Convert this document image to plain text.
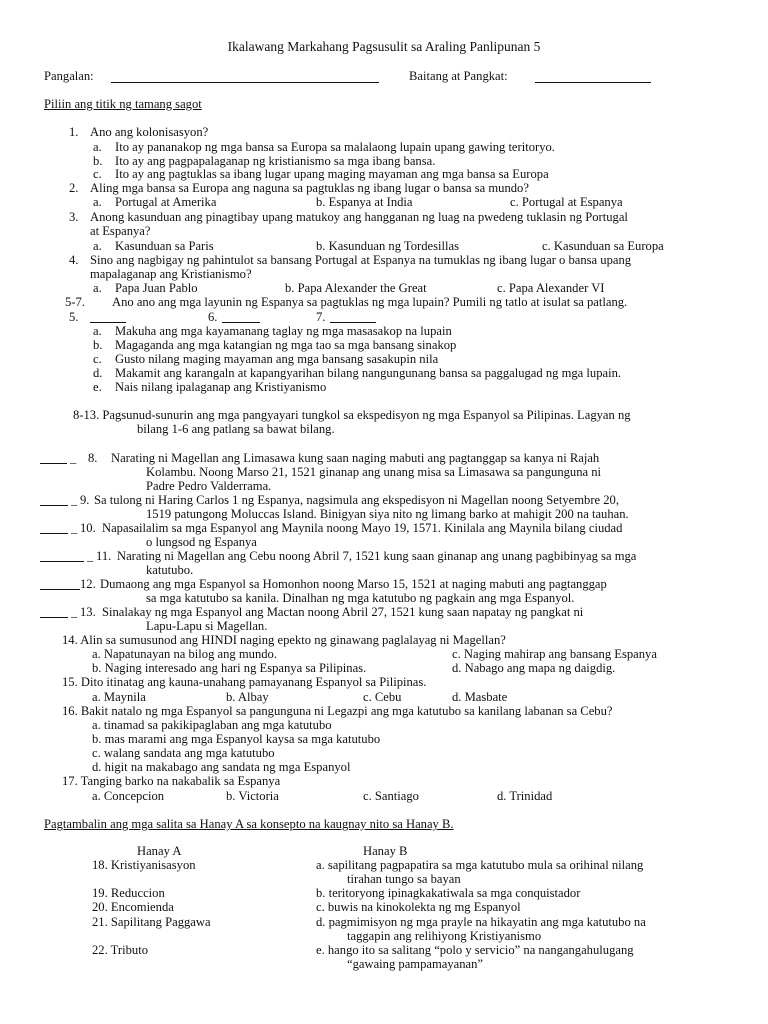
Ikalawang Markahang Pagsusulit sa Araling Panlipunan 5
Pangalan:	Baitang at Pangkat:
Piliin ang titik ng tamang sagot
1. Ano ang kolonisasyon?
a. Ito ay pananakop ng mga bansa sa Europa sa malalaong lupain upang gawing teritoryo.
b. Ito ay ang pagpapalaganap ng kristianismo sa mga ibang bansa.
c. Ito ay ang pagtuklas sa ibang lugar upang maging mayaman ang mga bansa sa Europa
2. Aling mga bansa sa Europa ang naguna sa pagtuklas ng ibang lugar o bansa sa mundo?
a. Portugal at Amerika	b. Espanya at India	c. Portugal at Espanya
3. Anong kasunduan ang pinagtibay upang matukoy ang hangganan ng luag na pwedeng tuklasin ng Portugal
at Espanya?
a. Kasunduan sa Paris	b. Kasunduan ng Tordesillas	c. Kasunduan sa Europa
4. Sino ang nagbigay ng pahintulot sa bansang Portugal at Espanya na tumuklas ng ibang lugar o bansa upang
mapalaganap ang Kristianismo?
a. Papa Juan Pablo	b. Papa Alexander the Great	c. Papa Alexander VI
5-7. Ano ano ang mga layunin ng Espanya sa pagtuklas ng mga lupain? Pumili ng tatlo at isulat sa patlang.
5.	6.	7.
a. Makuha ang mga kayamanang taglay ng mga masasakop na lupain
b. Magaganda ang mga katangian ng mga tao sa mga bansang sinakop
c. Gusto nilang maging mayaman ang mga bansang sasakupin nila
d. Makamit ang karangaln at kapangyarihan bilang nangungunang bansa sa paggalugad ng mga lupain.
e. Nais nilang ipalaganap ang Kristiyanismo
8-13. Pagsunud-sunurin ang mga pangyayari tungkol sa ekspedisyon ng mga Espanyol sa Pilipinas. Lagyan ng
bilang 1-6 ang patlang sa bawat bilang.
_ 8. Narating ni Magellan ang Limasawa kung saan naging mabuti ang pagtanggap sa kanya ni Rajah
Kolambu. Noong Marso 21, 1521 ginanap ang unang misa sa Limasawa sa pangunguna ni
Padre Pedro Valderrama.
_ 9. Sa tulong ni Haring Carlos 1 ng Espanya, nagsimula ang ekspedisyon ni Magellan noong Setyembre 20,
1519 patungong Moluccas Island. Binigyan siya nito ng limang barko at mahigit 200 na tauhan.
_ 10. Napasailalim sa mga Espanyol ang Maynila noong Mayo 19, 1571. Kinilala ang Maynila bilang ciudad
o lungsod ng Espanya
_ 11. Narating ni Magellan ang Cebu noong Abril 7, 1521 kung saan ginanap ang unang pagbibinyag sa mga
katutubo.
12. Dumaong ang mga Espanyol sa Homonhon noong Marso 15, 1521 at naging mabuti ang pagtanggap
sa mga katutubo sa kanila. Dinalhan ng mga katutubo ng pagkain ang mga Espanyol.
_ 13. Sinalakay ng mga Espanyol ang Mactan noong Abril 27, 1521 kung saan napatay ng pangkat ni
Lapu-Lapu si Magellan.
14. Alin sa sumusunod ang HINDI naging epekto ng ginawang paglalayag ni Magellan?
a. Napatunayan na bilog ang mundo.	c. Naging mahirap ang bansang Espanya
b. Naging interesado ang hari ng Espanya sa Pilipinas.	d. Nabago ang mapa ng daigdig.
15. Dito itinatag ang kauna-unahang pamayanang Espanyol sa Pilipinas.
a. Maynila	b. Albay	c. Cebu	d. Masbate
16. Bakit natalo ng mga Espanyol sa pangunguna ni Legazpi ang mga katutubo sa kanilang labanan sa Cebu?
a. tinamad sa pakikipaglaban ang mga katutubo
b. mas marami ang mga Espanyol kaysa sa mga katutubo
c. walang sandata ang mga katutubo
d. higit na makabago ang sandata ng mga Espanyol
17. Tanging barko na nakabalik sa Espanya
a. Concepcion	b. Victoria	c. Santiago	d. Trinidad
Pagtambalin ang mga salita sa Hanay A sa konsepto na kaugnay nito sa Hanay B.
Hanay A	Hanay B
18. Kristiyanisasyon	a. sapilitang pagpapatira sa mga katutubo mula sa orihinal nilang
tirahan tungo sa bayan
19. Reduccion	b. teritoryong ipinagkakatiwala sa mga conquistador
20. Encomienda	c. buwis na kinokolekta ng mg Espanyol
21. Sapilitang Paggawa	d. pagmimisyon ng mga prayle na hikayatin ang mga katutubo na
taggapin ang relihiyong Kristiyanismo
22. Tributo	e. hango ito sa salitang “polo y servicio” na nangangahulugang
“gawaing pampamayanan”
